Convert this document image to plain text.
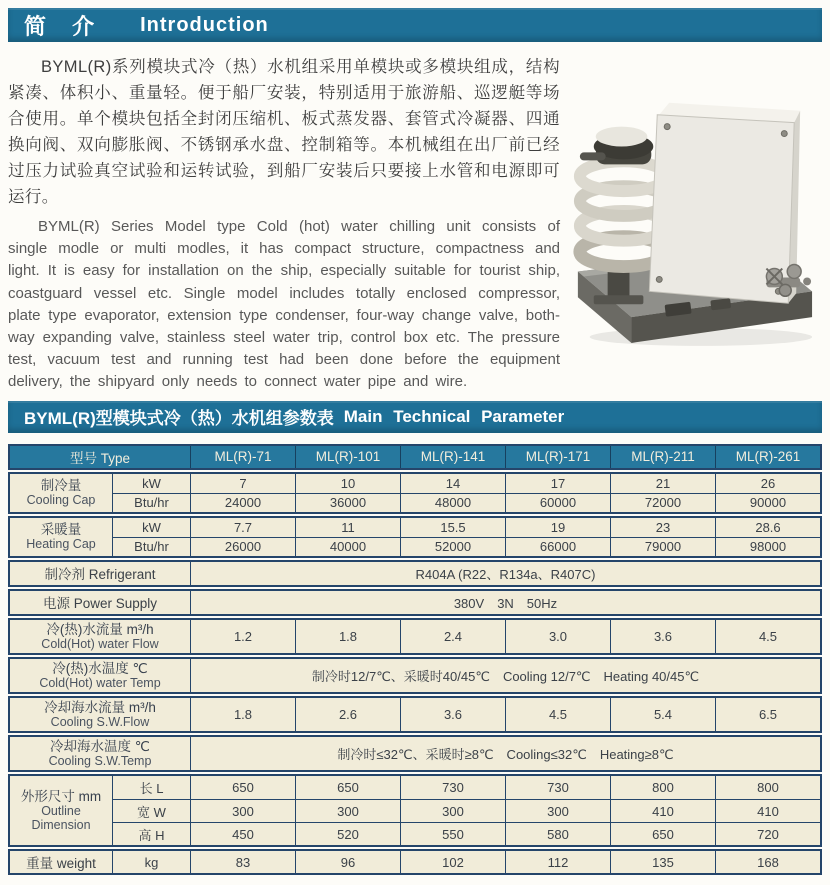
简 介 Introduction

BYML(R)系列模块式冷（热）水机组采用单模块或多模块组成，结构紧凑、体积小、重量轻。便于船厂安装，特别适用于旅游船、巡逻艇等场合使用。单个模块包括全封闭压缩机、板式蒸发器、套管式冷凝器、四通换向阀、双向膨胀阀、不锈钢承水盘、控制箱等。本机械组在出厂前已经过压力试验真空试验和运转试验，到船厂安装后只要接上水管和电源即可运行。

BYML(R) Series Model type Cold (hot) water chilling unit consists of single modle or multi modles, it has compact structure, compactness and light. It is easy for installation on the ship, especially suitable for tourist ship, coastguard vessel etc. Single model includes totally enclosed compressor, plate type evaporator, extension type condenser, four-way change valve, both-way expanding valve, stainless steel water trip, control box etc. The pressure test, vacuum test and running test had been done before the equipment delivery, the shipyard only needs to connect water pipe and wire.

BYML(R)型模块式冷（热）水机组参数表 Main Technical Parameter
型号 Type	ML(R)-71	ML(R)-101	ML(R)-141	ML(R)-171	ML(R)-211	ML(R)-261
制冷量
Cooling Cap
kW	7	10	14	17	21	26
Btu/hr	24000	36000	48000	60000	72000	90000
采暖量
Heating Cap
kW	7.7	11	15.5	19	23	28.6
Btu/hr	26000	40000	52000	66000	79000	98000
制冷剂 Refrigerant	R404A (R22、R134a、R407C)
电源 Power Supply	380V　3N　50Hz
冷(热)水流量 m³/h
Cold(Hot) water Flow
1.2	1.8	2.4	3.0	3.6	4.5
冷(热)水温度 ℃
Cold(Hot) water Temp	制冷时12/7℃、采暖时40/45℃　Cooling 12/7℃　Heating 40/45℃
冷却海水流量 m³/h
Cooling S.W.Flow
1.8	2.6	3.6	4.5	5.4	6.5
冷却海水温度 ℃
Cooling S.W.Temp	制冷时≤32℃、采暖时≥8℃　Cooling≤32℃　Heating≥8℃
外形尺寸 mm
Outline Dimension
长 L	650	650	730	730	800	800
宽 W	300	300	300	300	410	410
高 H	450	520	550	580	650	720
重量 weight	kg	83	96	102	112	135	168
